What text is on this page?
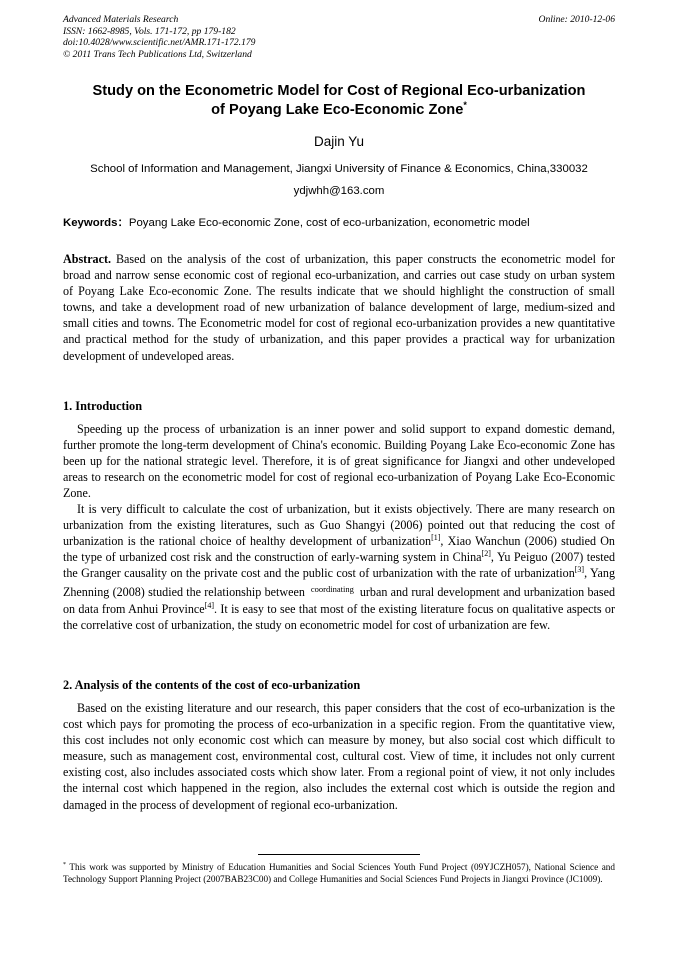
Advanced Materials Research
ISSN: 1662-8985, Vols. 171-172, pp 179-182
doi:10.4028/www.scientific.net/AMR.171-172.179
© 2011 Trans Tech Publications Ltd, Switzerland
Online: 2010-12-06
Study on the Econometric Model for Cost of Regional Eco-urbanization
of Poyang Lake Eco-Economic Zone*
Dajin Yu
School of Information and Management, Jiangxi University of Finance & Economics, China,330032
ydjwhh@163.com
Keywords：Poyang Lake Eco-economic Zone, cost of eco-urbanization, econometric model

Abstract. Based on the analysis of the cost of urbanization, this paper constructs the econometric model for broad and narrow sense economic cost of regional eco-urbanization, and carries out case study on urban system of Poyang Lake Eco-economic Zone. The results indicate that we should highlight the construction of small towns, and take a development road of new urbanization of balance development of large, medium-sized and small cities and towns. The Econometric model for cost of regional eco-urbanization provides a new quantitative and practical method for the study of urbanization, and this paper provides a practical way for urbanization development of undeveloped areas.

1. Introduction

Speeding up the process of urbanization is an inner power and solid support to expand domestic demand, further promote the long-term development of China's economic. Building Poyang Lake Eco-economic Zone has been up for the national strategic level. Therefore, it is of great significance for Jiangxi and other undeveloped areas to research on the econometric model for cost of regional eco-urbanization of Poyang Lake Eco-Economic Zone.

It is very difficult to calculate the cost of urbanization, but it exists objectively. There are many research on urbanization from the existing literatures, such as Guo Shangyi (2006) pointed out that reducing the cost of urbanization is the rational choice of healthy development of urbanization[1], Xiao Wanchun (2006) studied On the type of urbanized cost risk and the construction of early-warning system in China[2], Yu Peiguo (2007) tested the Granger causality on the private cost and the public cost of urbanization with the rate of urbanization[3], Yang Zhenning (2008) studied the relationship between $^{coordinating}$ urban and rural development and urbanization based on data from Anhui Province[4]. It is easy to see that most of the existing literature focus on qualitative aspects or the correlative cost of urbanization, the study on econometric model for cost of urbanization are few.

2. Analysis of the contents of the cost of eco-urbanization

Based on the existing literature and our research, this paper considers that the cost of eco-urbanization is the cost which pays for promoting the process of eco-urbanization in a specific region. From the quantitative view, this cost includes not only economic cost which can measure by money, but also social cost which difficult to measure, such as management cost, environmental cost, cultural cost. View of time, it includes not only current existing cost, also includes associated costs which show later. From a regional point of view, it not only includes the internal cost which happened in the region, also includes the external cost which is outside the region and damaged in the process of development of regional eco-urbanization.

* This work was supported by Ministry of Education Humanities and Social Sciences Youth Fund Project (09YJCZH057), National Science and Technology Support Planning Project (2007BAB23C00) and College Humanities and Social Sciences Fund Projects in Jiangxi Province (JC1009).
